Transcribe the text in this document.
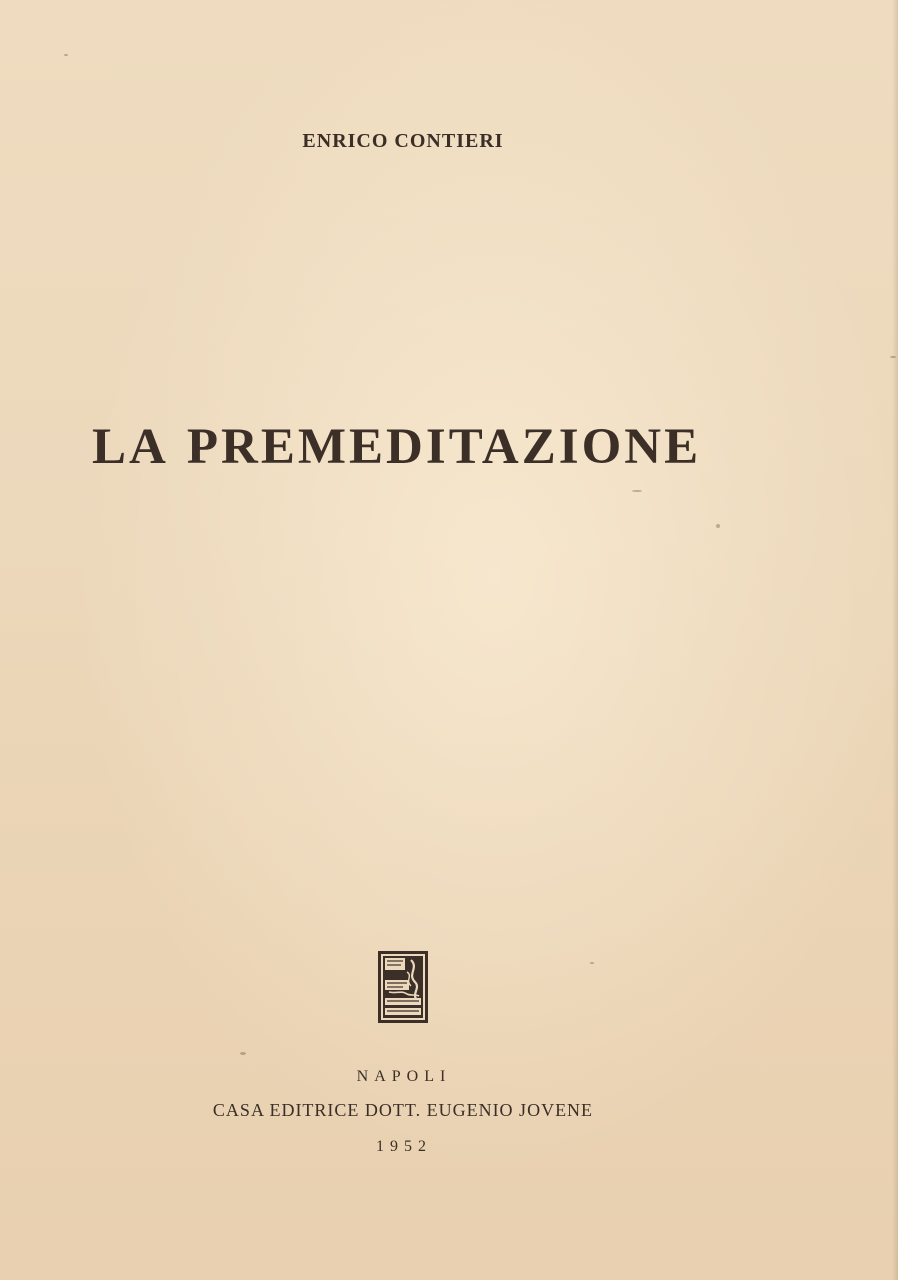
ENRICO CONTIERI
LA PREMEDITAZIONE
NAPOLI
CASA EDITRICE DOTT. EUGENIO JOVENE
1952
